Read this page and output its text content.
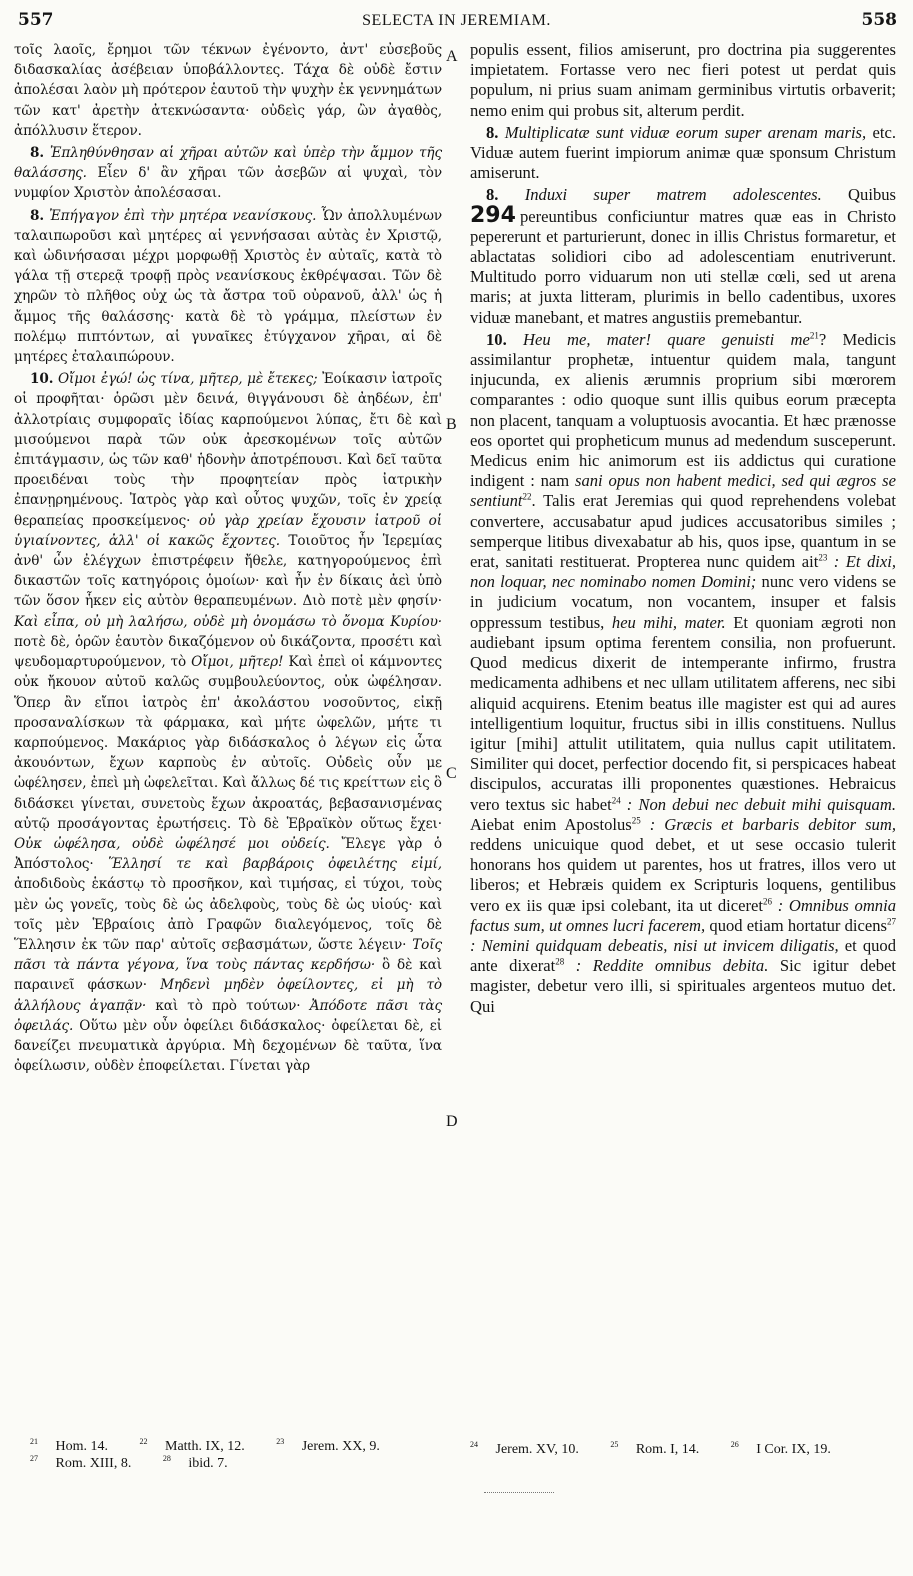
557	SELECTA IN JEREMIAM.	558
A
B
C
D

τοῖς λαοῖς, ἔρημοι τῶν τέκνων ἐγένοντο, ἀντ' εὐσεβοῦς διδασκαλίας ἀσέβειαν ὑποβάλλοντες. Τάχα δὲ οὐδὲ ἔστιν ἀπολέσαι λαὸν μὴ πρότερον ἑαυτοῦ τὴν ψυχὴν ἐκ γεννημάτων τῶν κατ' ἀρετὴν ἀτεκνώσαντα· οὐδεὶς γάρ, ὢν ἀγαθὸς, ἀπόλλυσιν ἕτερον.

8. Ἐπληθύνθησαν αἱ χῆραι αὐτῶν καὶ ὑπὲρ τὴν ἄμμον τῆς θαλάσσης. Εἶεν δ' ἂν χῆραι τῶν ἀσεβῶν αἱ ψυχαὶ, τὸν νυμφίον Χριστὸν ἀπολέσασαι.

8. Ἐπήγαγον ἐπὶ τὴν μητέρα νεανίσκους. Ὧν ἀπολλυμένων ταλαιπωροῦσι καὶ μητέρες αἱ γεννήσασαι αὐτὰς ἐν Χριστῷ, καὶ ὠδινήσασαι μέχρι μορφωθῇ Χριστὸς ἐν αὐταῖς, κατὰ τὸ γάλα τῇ στερεᾷ τροφῇ πρὸς νεανίσκους ἐκθρέψασαι. Τῶν δὲ χηρῶν τὸ πλῆθος οὐχ ὡς τὰ ἄστρα τοῦ οὐρανοῦ, ἀλλ' ὡς ἡ ἄμμος τῆς θαλάσσης· κατὰ δὲ τὸ γράμμα, πλείστων ἐν πολέμῳ πιπτόντων, αἱ γυναῖκες ἐτύγχανον χῆραι, αἱ δὲ μητέρες ἐταλαιπώρουν.

10. Οἴμοι ἐγώ! ὡς τίνα, μῆτερ, μὲ ἔτεκες; Ἐοίκασιν ἰατροῖς οἱ προφῆται· ὁρῶσι μὲν δεινά, θιγγάνουσι δὲ ἀηδέων, ἐπ' ἀλλοτρίαις συμφοραῖς ἰδίας καρπούμενοι λύπας, ἔτι δὲ καὶ μισούμενοι παρὰ τῶν οὐκ ἀρεσκομένων τοῖς αὐτῶν ἐπιτάγμασιν, ὡς τῶν καθ' ἡδονὴν ἀποτρέπουσι. Καὶ δεῖ ταῦτα προειδέναι τοὺς τὴν προφητείαν πρὸς ἰατρικὴν ἐπανῃρημένους. Ἰατρὸς γὰρ καὶ οὗτος ψυχῶν, τοῖς ἐν χρείᾳ θεραπείας προσκείμενος· οὐ γὰρ χρείαν ἔχουσιν ἰατροῦ οἱ ὑγιαίνοντες, ἀλλ' οἱ κακῶς ἔχοντες. Τοιοῦτος ἦν Ἱερεμίας ἀνθ' ὧν ἐλέγχων ἐπιστρέφειν ἤθελε, κατηγορούμενος ἐπὶ δικαστῶν τοῖς κατηγόροις ὁμοίων· καὶ ἦν ἐν δίκαις ἀεὶ ὑπὸ τῶν ὅσον ἧκεν εἰς αὐτὸν θεραπευμένων. Διὸ ποτὲ μὲν φησίν· Καὶ εἶπα, οὐ μὴ λαλήσω, οὐδὲ μὴ ὀνομάσω τὸ ὄνομα Κυρίου· ποτὲ δὲ, ὁρῶν ἑαυτὸν δικαζόμενον οὐ δικάζοντα, προσέτι καὶ ψευδομαρτυρούμενον, τὸ Οἴμοι, μῆτερ! Καὶ ἐπεὶ οἱ κάμνοντες οὐκ ἤκουον αὐτοῦ καλῶς συμβουλεύοντος, οὐκ ὠφέλησαν. Ὅπερ ἂν εἴποι ἰατρὸς ἐπ' ἀκολάστου νοσοῦντος, εἰκῇ προσαναλίσκων τὰ φάρμακα, καὶ μήτε ὠφελῶν, μήτε τι καρπούμενος. Μακάριος γὰρ διδάσκαλος ὁ λέγων εἰς ὦτα ἀκουόντων, ἔχων καρποὺς ἐν αὐτοῖς. Οὐδεὶς οὖν με ὠφέλησεν, ἐπεὶ μὴ ὠφελεῖται. Καὶ ἄλλως δέ τις κρείττων εἰς ὃ διδάσκει γίνεται, συνετοὺς ἔχων ἀκροατάς, βεβασανισμένας αὐτῷ προσάγοντας ἐρωτήσεις. Τὸ δὲ Ἑβραϊκὸν οὕτως ἔχει· Οὐκ ὠφέλησα, οὐδὲ ὠφέλησέ μοι οὐδείς. Ἔλεγε γὰρ ὁ Ἀπόστολος· Ἕλλησί τε καὶ βαρβάροις ὀφειλέτης εἰμί, ἀποδιδοὺς ἑκάστῳ τὸ προσῆκον, καὶ τιμήσας, εἰ τύχοι, τοὺς μὲν ὡς γονεῖς, τοὺς δὲ ὡς ἀδελφοὺς, τοὺς δὲ ὡς υἱούς· καὶ τοῖς μὲν Ἑβραίοις ἀπὸ Γραφῶν διαλεγόμενος, τοῖς δὲ Ἕλλησιν ἐκ τῶν παρ' αὐτοῖς σεβασμάτων, ὥστε λέγειν· Τοῖς πᾶσι τὰ πάντα γέγονα, ἵνα τοὺς πάντας κερδήσω· ὃ δὲ καὶ παραινεῖ φάσκων· Μηδενὶ μηδὲν ὀφείλοντες, εἰ μὴ τὸ ἀλλήλους ἀγαπᾷν· καὶ τὸ πρὸ τούτων· Ἀπόδοτε πᾶσι τὰς ὀφειλάς. Οὕτω μὲν οὖν ὀφείλει διδάσκαλος· ὀφείλεται δὲ, εἰ δανείζει πνευματικὰ ἀργύρια. Μὴ δεχομένων δὲ ταῦτα, ἵνα ὀφείλωσιν, οὐδὲν ἐποφείλεται. Γίνεται γὰρ

populis essent, filios amiserunt, pro doctrina pia suggerentes impietatem. Fortasse vero nec fieri potest ut perdat quis populum, ni prius suam animam germinibus virtutis orbaverit; nemo enim qui probus sit, alterum perdit.

8. Multiplicatæ sunt viduæ eorum super arenam maris, etc. Viduæ autem fuerint impiorum animæ quæ sponsum Christum amiserunt.

8. Induxi super matrem adolescentes. Quibus 294 pereuntibus conficiuntur matres quæ eas in Christo pepererunt et parturierunt, donec in illis Christus formaretur, et ablactatas solidiori cibo ad adolescentiam enutriverunt. Multitudo porro viduarum non uti stellæ cœli, sed ut arena maris; at juxta litteram, plurimis in bello cadentibus, uxores viduæ manebant, et matres angustiis premebantur.

10. Heu me, mater! quare genuisti $me^{21}$? Medicis assimilantur prophetæ, intuentur quidem mala, tangunt injucunda, ex alienis ærumnis proprium sibi mœrorem comparantes : odio quoque sunt illis quibus eorum præcepta non placent, tanquam a voluptuosis avocantia. Et hæc prænosse eos oportet qui propheticum munus ad medendum susceperunt. Medicus enim hic animorum est iis addictus qui curatione indigent : nam sani opus non habent medici, sed qui ægros se sentiunt$^{22}$. Talis erat Jeremias qui quod reprehendens volebat convertere, accusabatur apud judices accusatoribus similes ; semperque litibus divexabatur ab his, quos ipse, quantum in se erat, sanitati restituerat. Propterea nunc quidem ait$^{23}$ : Et dixi, non loquar, nec nominabo nomen Domini; nunc vero videns se in judicium vocatum, non vocantem, insuper et falsis oppressum testibus, heu mihi, mater. Et quoniam ægroti non audiebant ipsum optima ferentem consilia, non profuerunt. Quod medicus dixerit de intemperante infirmo, frustra medicamenta adhibens et nec ullam utilitatem afferens, nec sibi aliquid acquirens. Etenim beatus ille magister est qui ad aures intelligentium loquitur, fructus sibi in illis constituens. Nullus igitur [mihi] attulit utilitatem, quia nullus capit utilitatem. Similiter qui docet, perfectior docendo fit, si perspicaces habeat discipulos, accuratas illi proponentes quæstiones. Hebraicus vero textus sic habet$^{24}$ : Non debui nec debuit mihi quisquam. Aiebat enim Apostolus$^{25}$ : Græcis et barbaris debitor sum, reddens unicuique quod debet, et ut sese occasio tulerit honorans hos quidem ut parentes, hos ut fratres, illos vero ut liberos; et Hebræis quidem ex Scripturis loquens, gentilibus vero ex iis quæ ipsi colebant, ita ut diceret$^{26}$ : Omnibus omnia factus sum, ut omnes lucri facerem, quod etiam hortatur dicens$^{27}$ : Nemini quidquam debeatis, nisi ut invicem diligatis, et quod ante dixerat$^{28}$ : Reddite omnibus debita. Sic igitur debet magister, debetur vero illi, si spirituales argenteos mutuo det. Qui

$^{21}$ Hom. 14.	$^{22}$ Matth. IX, 12.	$^{23}$ Jerem. XX, 9.
$^{27}$ Rom. XIII, 8.	$^{28}$ ibid. 7.
$^{24}$ Jerem. XV, 10.	$^{25}$ Rom. I, 14.	$^{26}$ I Cor. IX, 19.
